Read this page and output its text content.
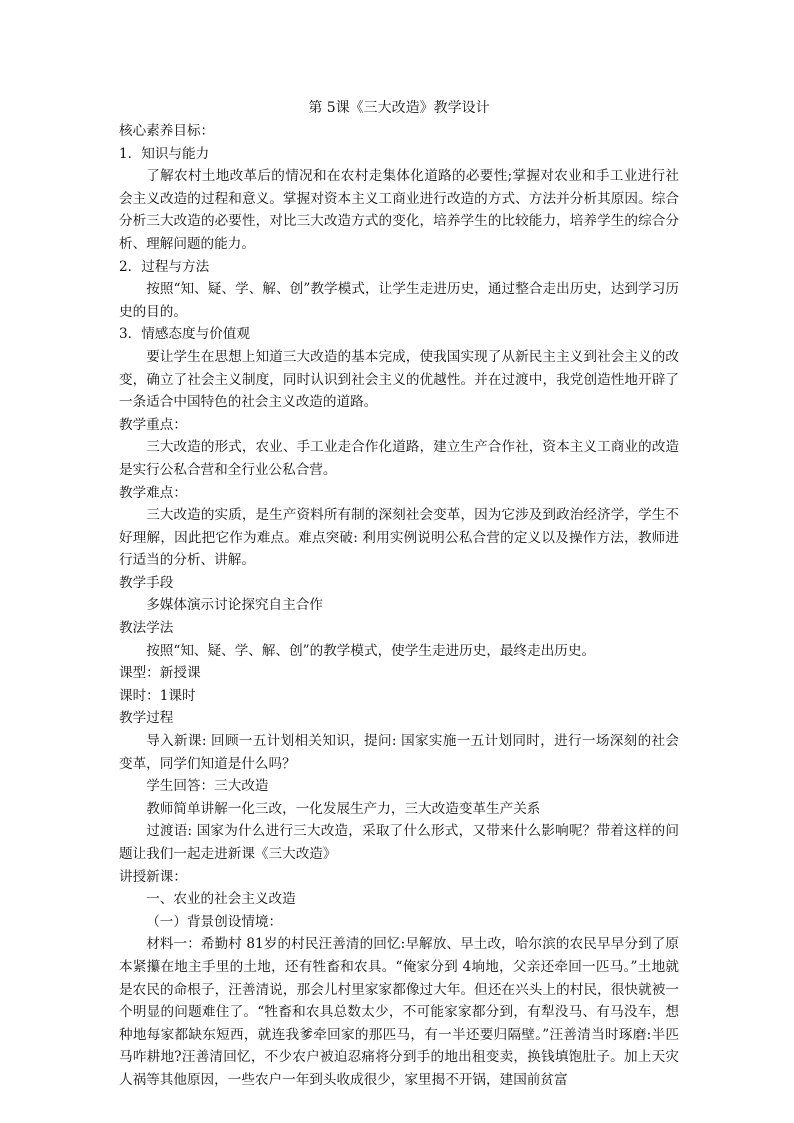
第 5课《三大改造》教学设计

核心素养目标：

1．知识与能力

了解农村土地改革后的情况和在农村走集体化道路的必要性;掌握对农业和手工业进行社会主义改造的过程和意义。掌握对资本主义工商业进行改造的方式、方法并分析其原因。综合分析三大改造的必要性，对比三大改造方式的变化，培养学生的比较能力，培养学生的综合分析、理解问题的能力。

2．过程与方法

按照“知、疑、学、解、创”教学模式，让学生走进历史，通过整合走出历史，达到学习历史的目的。

3．情感态度与价值观

要让学生在思想上知道三大改造的基本完成，使我国实现了从新民主主义到社会主义的改变，确立了社会主义制度，同时认识到社会主义的优越性。并在过渡中，我党创造性地开辟了一条适合中国特色的社会主义改造的道路。

教学重点：

三大改造的形式，农业、手工业走合作化道路，建立生产合作社，资本主义工商业的改造是实行公私合营和全行业公私合营。

教学难点：

三大改造的实质，是生产资料所有制的深刻社会变革，因为它涉及到政治经济学，学生不好理解，因此把它作为难点。难点突破: 利用实例说明公私合营的定义以及操作方法，教师进行适当的分析、讲解。

教学手段

多媒体演示讨论探究自主合作

教法学法

按照“知、疑、学、解、创”的教学模式，使学生走进历史，最终走出历史。

课型：新授课

课时：1课时

教学过程

导入新课: 回顾一五计划相关知识，提问: 国家实施一五计划同时，进行一场深刻的社会变革，同学们知道是什么吗？

学生回答：三大改造

教师简单讲解一化三改，一化发展生产力，三大改造变革生产关系

过渡语: 国家为什么进行三大改造，采取了什么形式，又带来什么影响呢？带着这样的问题让我们一起走进新课《三大改造》

讲授新课：

一、农业的社会主义改造

（一）背景创设情境：

材料一：希勤村 81岁的村民汪善清的回忆:早解放、早土改，哈尔滨的农民早早分到了原本紧攥在地主手里的土地，还有牲畜和农具。“俺家分到 4垧地，父亲还牵回一匹马。”土地就是农民的命根子，汪善清说，那会儿村里家家都像过大年。但还在兴头上的村民，很快就被一个明显的问题难住了。“牲畜和农具总数太少，不可能家家都分到，有犁没马、有马没车，想种地每家都缺东短西，就连我爹牵回家的那匹马，有一半还要归隔壁。”汪善清当时琢磨:半匹马咋耕地?汪善清回忆，不少农户被迫忍痛将分到手的地出租变卖，换钱填饱肚子。加上天灾人祸等其他原因，一些农户一年到头收成很少，家里揭不开锅，建国前贫富
